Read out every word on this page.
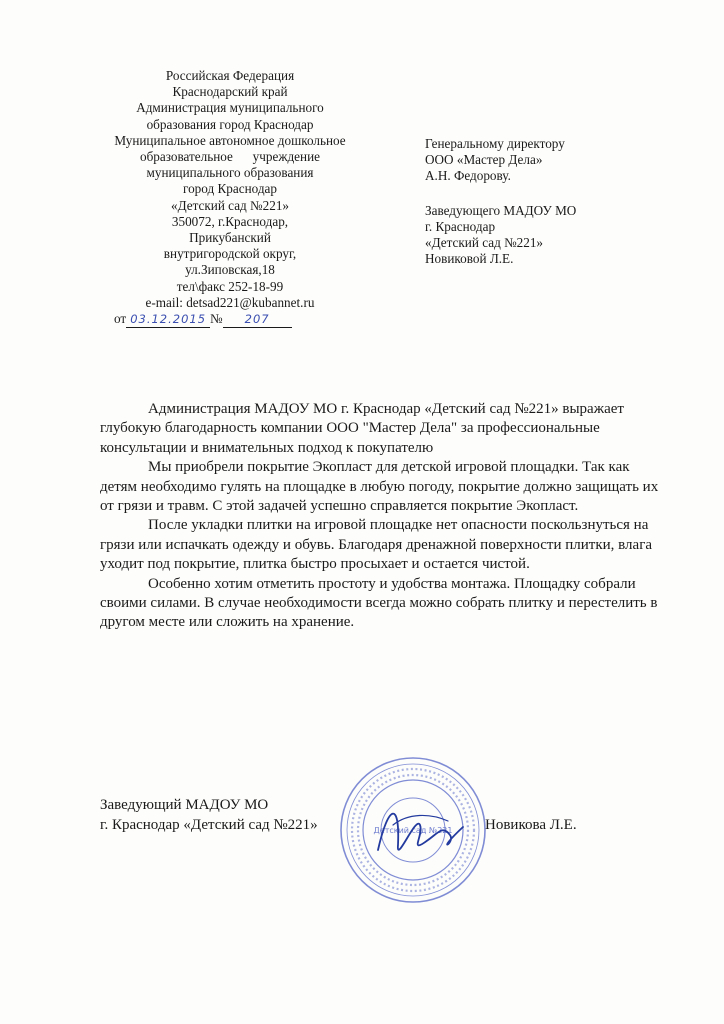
Российская Федерация
Краснодарский край
Администрация муниципального
образования город Краснодар
Муниципальное автономное дошкольное
образовательное      учреждение
муниципального образования
город Краснодар
«Детский сад №221»
350072, г.Краснодар,
Прикубанский
внутригородской округ,
ул.Зиповская,18
тел\факс 252-18-99
e-mail: detsad221@kubannet.ru
от 03.12.2015 № 207
Генеральному директору
ООО «Мастер Дела»
А.Н. Федорову.
Заведующего МАДОУ МО
г. Краснодар
«Детский сад №221»
Новиковой Л.Е.

Администрация МАДОУ МО г. Краснодар «Детский сад №221» выражает глубокую благодарность компании ООО "Мастер Дела" за профессиональные консультации и внимательных подход к покупателю

Мы приобрели покрытие Экопласт для детской игровой площадки. Так как детям необходимо гулять на площадке в любую погоду, покрытие должно защищать их от грязи и травм. С этой задачей успешно справляется покрытие Экопласт.

После укладки плитки на игровой площадке нет опасности поскользнуться на грязи или испачкать одежду и обувь. Благодаря дренажной поверхности плитки, влага уходит под покрытие, плитка быстро просыхает и остается чистой.

Особенно хотим отметить простоту и удобства монтажа. Площадку собрали своими силами. В случае необходимости всегда можно собрать плитку и перестелить в другом месте или сложить на хранение.

Детский сад №221
Заведующий МАДОУ МО
г. Краснодар «Детский сад №221»	Новикова Л.Е.
